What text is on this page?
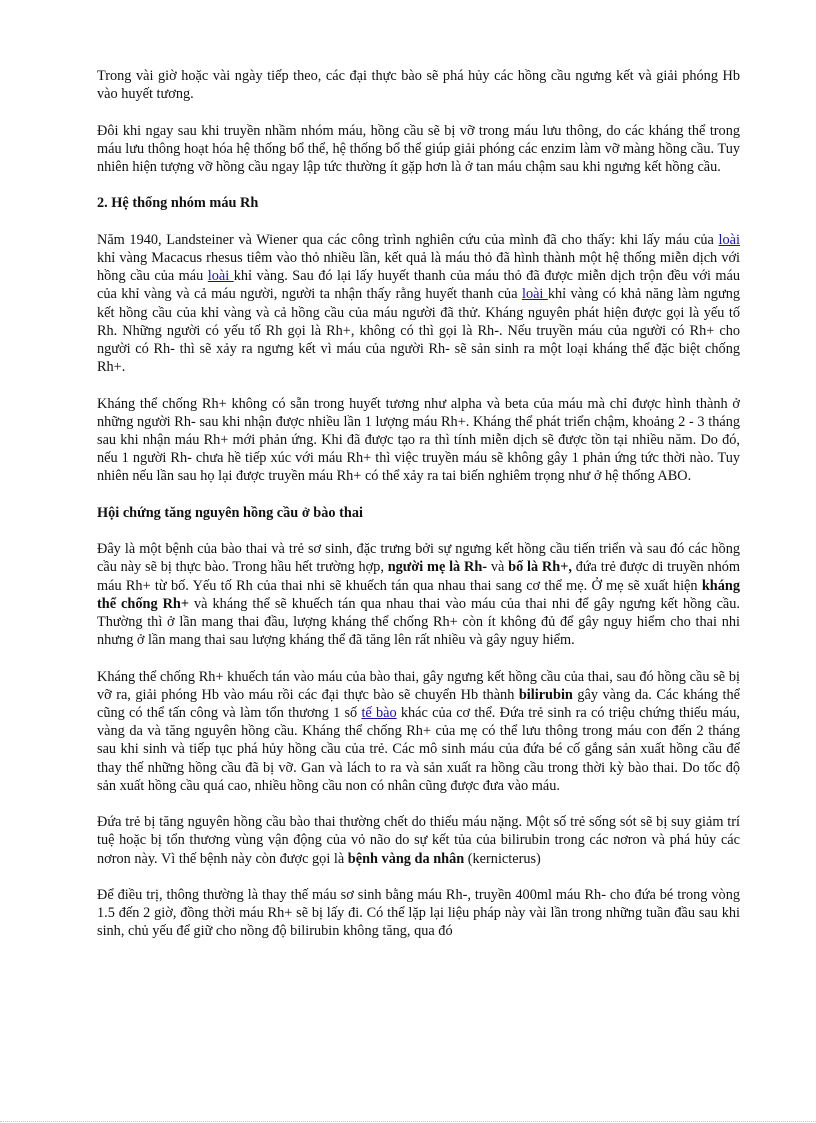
Trong vài giờ hoặc vài ngày tiếp theo, các đại thực bào sẽ phá hủy các hồng cầu ngưng kết và giải phóng Hb vào huyết tương.

Đôi khi ngay sau khi truyền nhầm nhóm máu, hồng cầu sẽ bị vỡ trong máu lưu thông, do các kháng thể trong máu lưu thông hoạt hóa hệ thống bổ thể, hệ thống bổ thể giúp giải phóng các enzim làm vỡ màng hồng cầu. Tuy nhiên hiện tượng vỡ hồng cầu ngay lập tức thường ít gặp hơn là ở tan máu chậm sau khi ngưng kết hồng cầu.

2. Hệ thống nhóm máu Rh

Năm 1940, Landsteiner và Wiener qua các công trình nghiên cứu của mình đã cho thấy: khi lấy máu của loài khỉ vàng Macacus rhesus tiêm vào thỏ nhiều lần, kết quả là máu thỏ đã hình thành một hệ thống miễn dịch với hồng cầu của máu loài khỉ vàng. Sau đó lại lấy huyết thanh của máu thỏ đã được miễn dịch trộn đều với máu của khỉ vàng và cả máu người, người ta nhận thấy rằng huyết thanh của loài khỉ vàng có khả năng làm ngưng kết hồng cầu của khỉ vàng và cả hồng cầu của máu người đã thử. Kháng nguyên phát hiện được gọi là yếu tố Rh. Những người có yếu tố Rh gọi là Rh+, không có thì gọi là Rh-. Nếu truyền máu của người có Rh+ cho người có Rh- thì sẽ xảy ra ngưng kết vì máu của người Rh- sẽ sản sinh ra một loại kháng thể đặc biệt chống Rh+.

Kháng thể chống Rh+ không có sẵn trong huyết tương như alpha và beta của máu mà chỉ được hình thành ở những người Rh- sau khi nhận được nhiều lần 1 lượng máu Rh+. Kháng thể phát triển chậm, khoảng 2 - 3 tháng sau khi nhận máu Rh+ mới phản ứng. Khi đã được tạo ra thì tính miễn dịch sẽ được tồn tại nhiều năm. Do đó, nếu 1 người Rh- chưa hề tiếp xúc với máu Rh+ thì việc truyền máu sẽ không gây 1 phản ứng tức thời nào. Tuy nhiên nếu lần sau họ lại được truyền máu Rh+ có thể xảy ra tai biến nghiêm trọng như ở hệ thống ABO.

Hội chứng tăng nguyên hồng cầu ở bào thai

Đây là một bệnh của bào thai và trẻ sơ sinh, đặc trưng bởi sự ngưng kết hồng cầu tiến triển và sau đó các hồng cầu này sẽ bị thực bào. Trong hầu hết trường hợp, người mẹ là Rh- và bố là Rh+, đứa trẻ được di truyền nhóm máu Rh+ từ bố. Yếu tố Rh của thai nhi sẽ khuếch tán qua nhau thai sang cơ thể mẹ. Ở mẹ sẽ xuất hiện kháng thể chống Rh+ và kháng thể sẽ khuếch tán qua nhau thai vào máu của thai nhi để gây ngưng kết hồng cầu. Thường thì ở lần mang thai đầu, lượng kháng thể chống Rh+ còn ít không đủ để gây nguy hiểm cho thai nhi nhưng ở lần mang thai sau lượng kháng thể đã tăng lên rất nhiều và gây nguy hiểm.

Kháng thể chống Rh+ khuếch tán vào máu của bào thai, gây ngưng kết hồng cầu của thai, sau đó hồng cầu sẽ bị vỡ ra, giải phóng Hb vào máu rồi các đại thực bào sẽ chuyển Hb thành bilirubin gây vàng da. Các kháng thể cũng có thể tấn công và làm tổn thương 1 số tế bào khác của cơ thể. Đứa trẻ sinh ra có triệu chứng thiếu máu, vàng da và tăng nguyên hồng cầu. Kháng thể chống Rh+ của mẹ có thể lưu thông trong máu con đến 2 tháng sau khi sinh và tiếp tục phá hủy hồng cầu của trẻ. Các mô sinh máu của đứa bé cố gắng sản xuất hồng cầu để thay thế những hồng cầu đã bị vỡ. Gan và lách to ra và sản xuất ra hồng cầu trong thời kỳ bào thai. Do tốc độ sản xuất hồng cầu quá cao, nhiều hồng cầu non có nhân cũng được đưa vào máu.

Đứa trẻ bị tăng nguyên hồng cầu bào thai thường chết do thiếu máu nặng. Một số trẻ sống sót sẽ bị suy giảm trí tuệ hoặc bị tổn thương vùng vận động của vỏ não do sự kết tủa của bilirubin trong các nơron và phá hủy các nơron này. Vì thế bệnh này còn được gọi là bệnh vàng da nhân (kernicterus)

Để điều trị, thông thường là thay thế máu sơ sinh bằng máu Rh-, truyền 400ml máu Rh- cho đứa bé trong vòng 1.5 đến 2 giờ, đồng thời máu Rh+ sẽ bị lấy đi. Có thể lặp lại liệu pháp này vài lần trong những tuần đầu sau khi sinh, chủ yếu để giữ cho nồng độ bilirubin không tăng, qua đó
